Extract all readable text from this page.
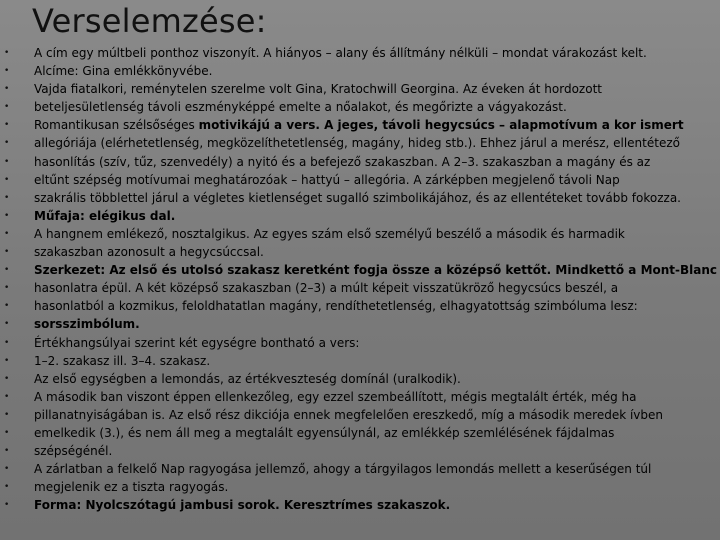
Verselemzése:
• A cím egy múltbeli ponthoz viszonyít. A hiányos – alany és állítmány nélküli – mondat várakozást kelt.
• Alcíme: Gina emlékkönyvébe.
• Vajda fiatalkori, reménytelen szerelme volt Gina, Kratochwill Georgina. Az éveken át hordozott
• beteljesületlenség távoli eszményképpé emelte a nőalakot, és megőrizte a vágyakozást.
• Romantikusan szélsőséges motivikájú a vers. A jeges, távoli hegycsúcs – alapmotívum a kor ismert
• allegóriája (elérhetetlenség, megközelíthetetlenség, magány, hideg stb.). Ehhez járul a merész, ellentétező
• hasonlítás (szív, tűz, szenvedély) a nyitó és a befejező szakaszban. A 2–3. szakaszban a magány és az
• eltűnt szépség motívumai meghatározóak – hattyú – allegória. A zárképben megjelenő távoli Nap
• szakrális többlettel járul a végletes kietlenséget sugalló szimbolikájához, és az ellentéteket tovább fokozza.
• Műfaja: elégikus dal.
• A hangnem emlékező, nosztalgikus. Az egyes szám első személyű beszélő a második és harmadik
• szakaszban azonosult a hegycsúccsal.
• Szerkezet: Az első és utolsó szakasz keretként fogja össze a középső kettőt. Mindkettő a Mont-Blanc
• hasonlatra épül. A két középső szakaszban (2–3) a múlt képeit visszatükröző hegycsúcs beszél, a
• hasonlatból a kozmikus, feloldhatatlan magány, rendíthetetlenség, elhagyatottság szimbóluma lesz:
• sorsszimbólum.
• Értékhangsúlyai szerint két egységre bontható a vers:
• 1–2. szakasz ill. 3–4. szakasz.
• Az első egységben a lemondás, az értékveszteség domínál (uralkodik).
• A második ban viszont éppen ellenkezőleg, egy ezzel szembeállított, mégis megtalált érték, még ha
• pillanatnyiságában is. Az első rész dikciója ennek megfelelően ereszkedő, míg a második meredek ívben
• emelkedik (3.), és nem áll meg a megtalált egyensúlynál, az emlékkép szemlélésének fájdalmas
• szépségénél.
• A zárlatban a felkelő Nap ragyogása jellemző, ahogy a tárgyilagos lemondás mellett a keserűségen túl
• megjelenik ez a tiszta ragyogás.
• Forma: Nyolcszótagú jambusi sorok. Keresztrímes szakaszok.
